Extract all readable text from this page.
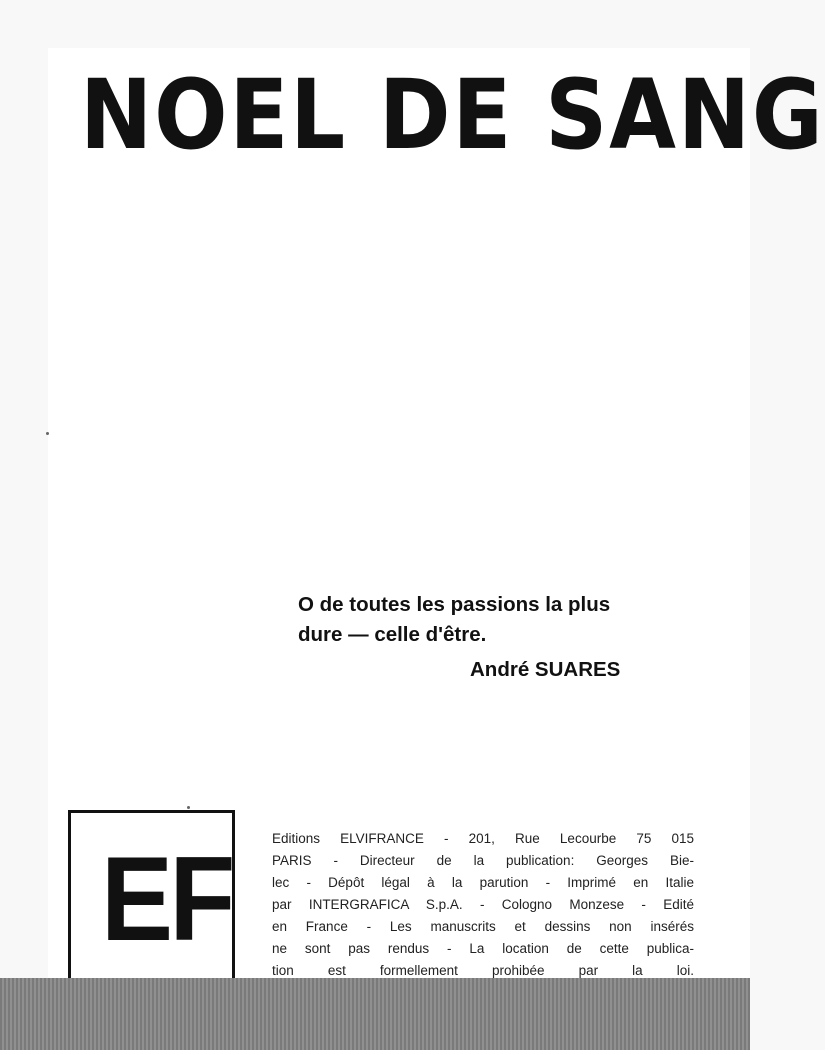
NOEL DE SANG

O de toutes les passions la plus

dure — celle d'être.

André SUARES
EF	Editions ELVIFRANCE - 201, Rue Lecourbe 75 015
PARIS - Directeur de la publication: Georges Bie-
lec - Dépôt légal à la parution - Imprimé en Italie
par INTERGRAFICA S.p.A. - Cologno Monzese - Edité
en France - Les manuscrits et dessins non insérés
ne sont pas rendus - La location de cette publica-
tion est formellement prohibée par la loi.
